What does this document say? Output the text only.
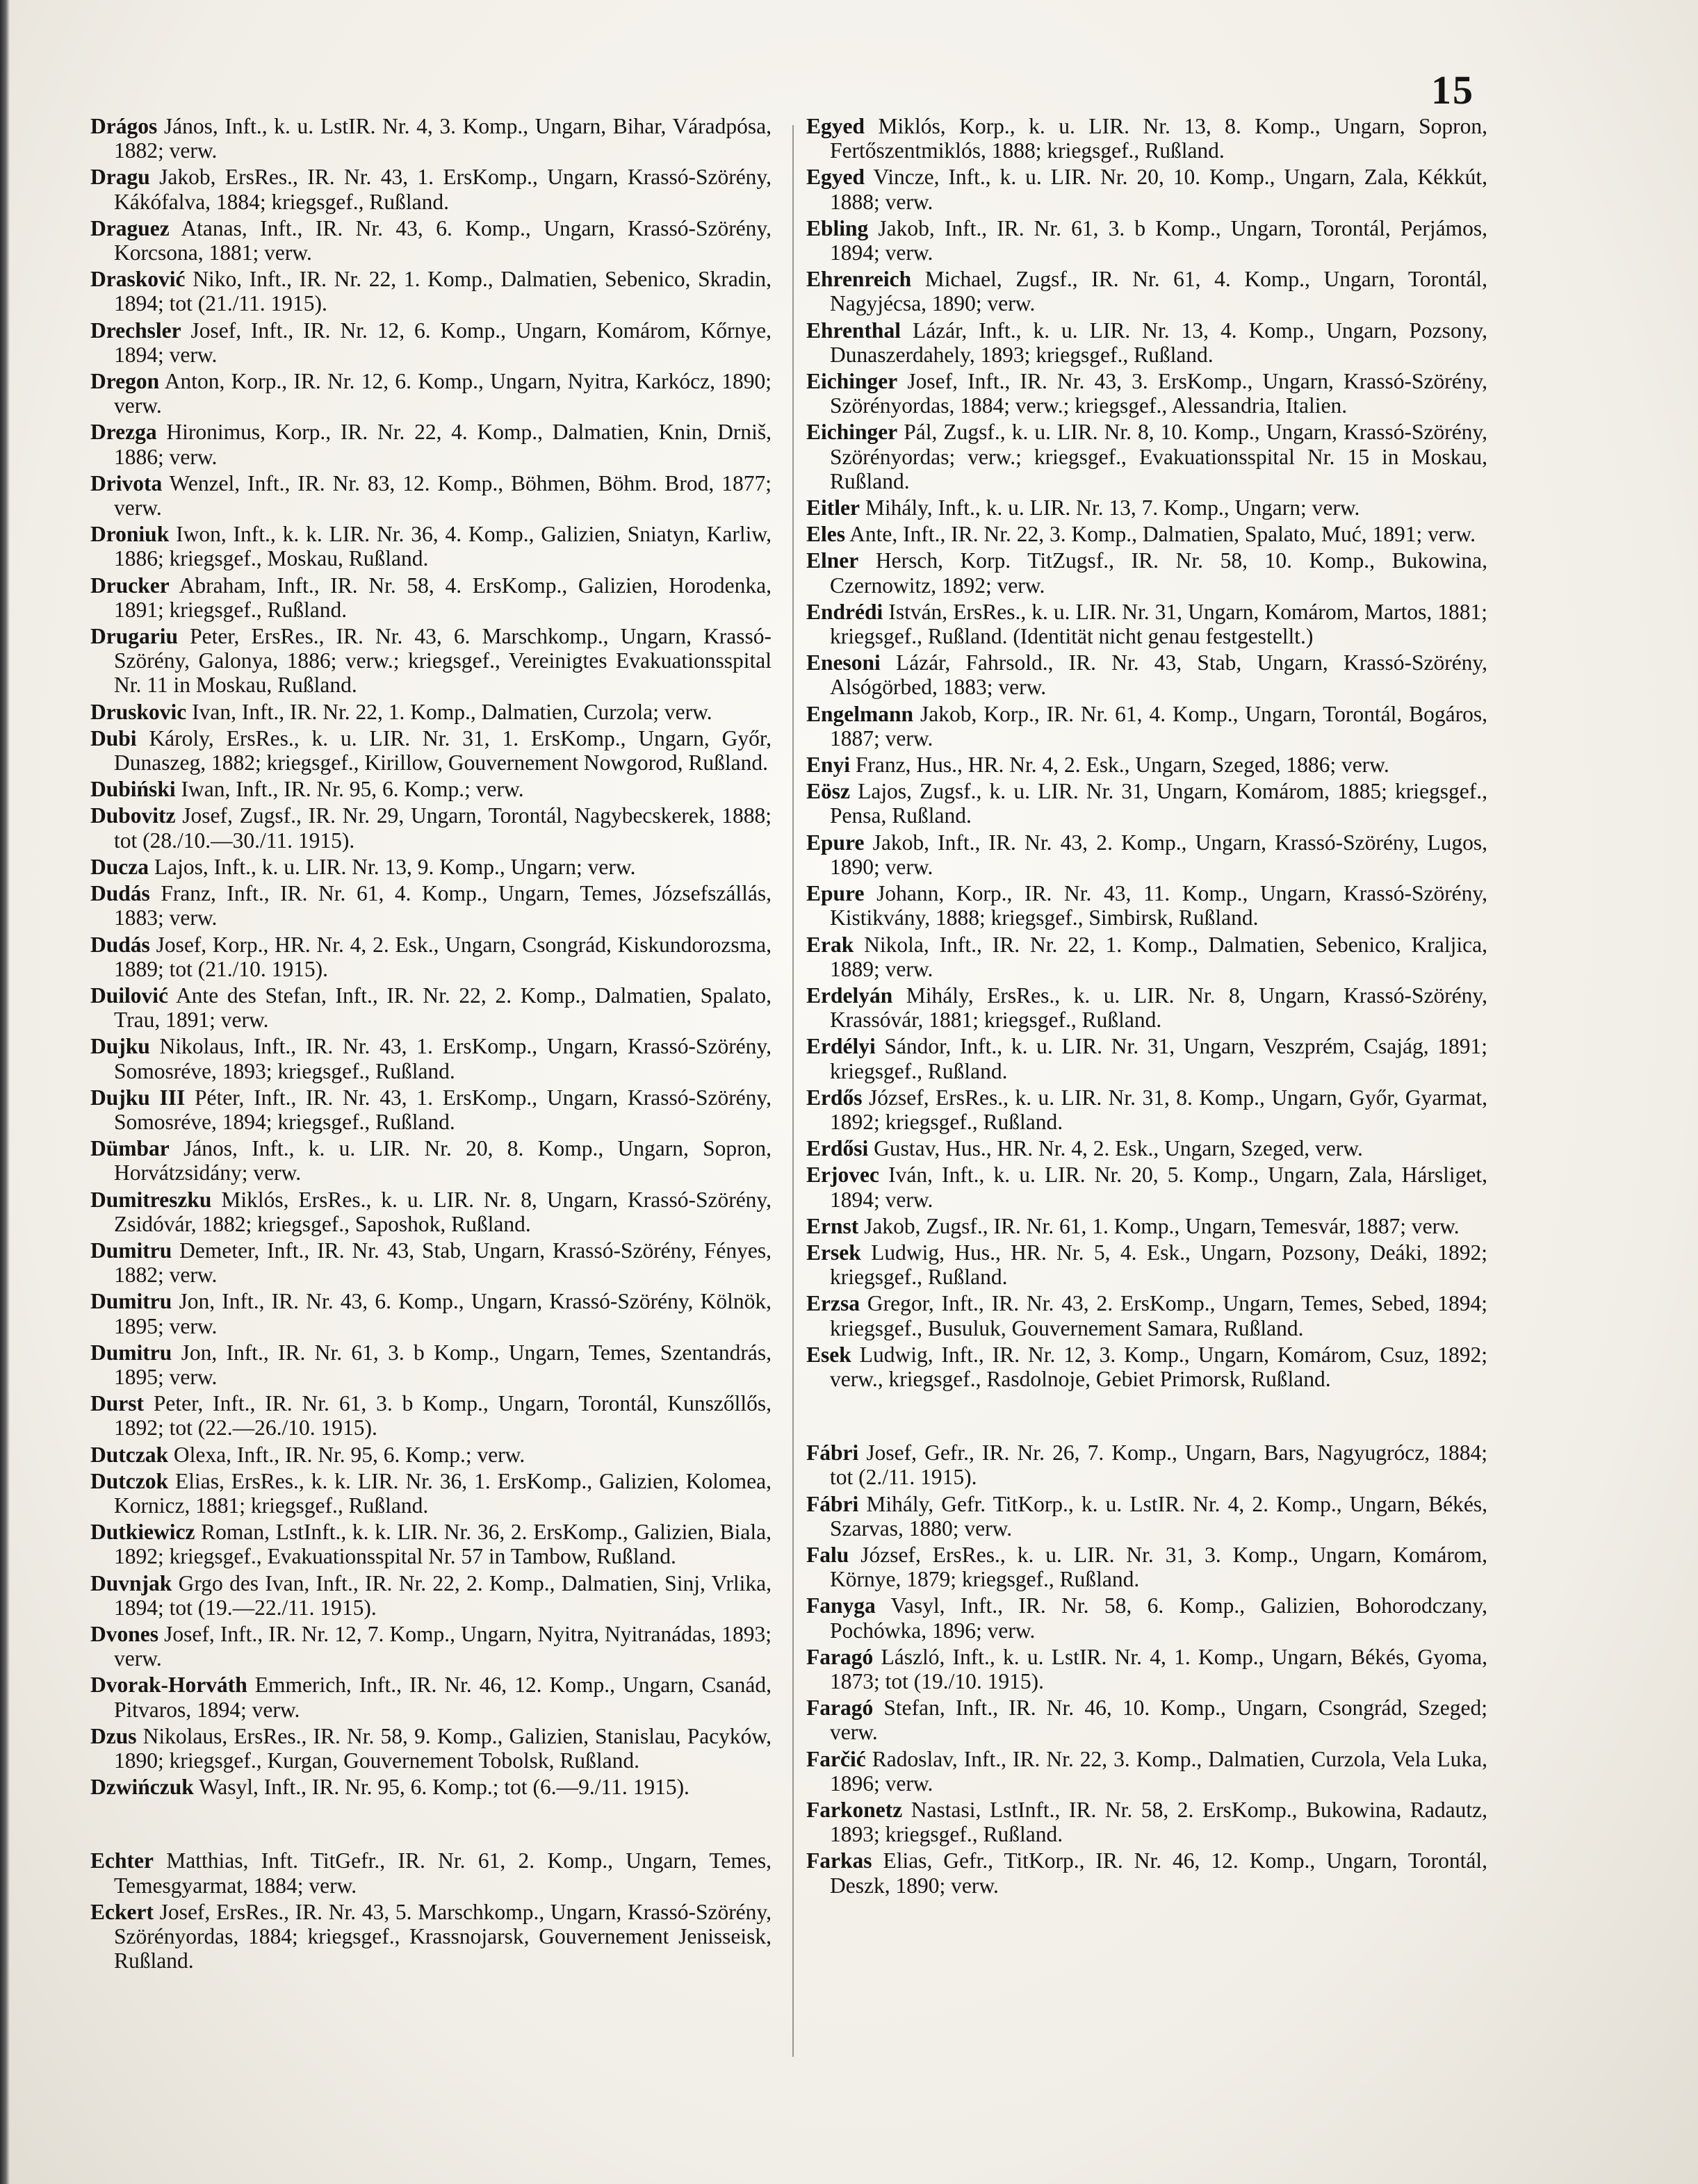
15

Drágos János, Inft., k. u. LstIR. Nr. 4, 3. Komp., Ungarn, Bihar, Váradpósa, 1882; verw.

Dragu Jakob, ErsRes., IR. Nr. 43, 1. ErsKomp., Ungarn, Krassó-Szörény, Kákófalva, 1884; kriegsgef., Rußland.

Draguez Atanas, Inft., IR. Nr. 43, 6. Komp., Ungarn, Krassó-Szörény, Korcsona, 1881; verw.

Drasković Niko, Inft., IR. Nr. 22, 1. Komp., Dalmatien, Sebenico, Skradin, 1894; tot (21./11. 1915).

Drechsler Josef, Inft., IR. Nr. 12, 6. Komp., Ungarn, Komárom, Kőrnye, 1894; verw.

Dregon Anton, Korp., IR. Nr. 12, 6. Komp., Ungarn, Nyitra, Karkócz, 1890; verw.

Drezga Hironimus, Korp., IR. Nr. 22, 4. Komp., Dalmatien, Knin, Drniš, 1886; verw.

Drivota Wenzel, Inft., IR. Nr. 83, 12. Komp., Böhmen, Böhm. Brod, 1877; verw.

Droniuk Iwon, Inft., k. k. LIR. Nr. 36, 4. Komp., Galizien, Sniatyn, Karliw, 1886; kriegsgef., Moskau, Rußland.

Drucker Abraham, Inft., IR. Nr. 58, 4. ErsKomp., Galizien, Horodenka, 1891; kriegsgef., Rußland.

Drugariu Peter, ErsRes., IR. Nr. 43, 6. Marschkomp., Ungarn, Krassó-Szörény, Galonya, 1886; verw.; kriegsgef., Vereinigtes Evakuationsspital Nr. 11 in Moskau, Rußland.

Druskovic Ivan, Inft., IR. Nr. 22, 1. Komp., Dalmatien, Curzola; verw.

Dubi Károly, ErsRes., k. u. LIR. Nr. 31, 1. ErsKomp., Ungarn, Győr, Dunaszeg, 1882; kriegsgef., Kirillow, Gouvernement Nowgorod, Rußland.

Dubiński Iwan, Inft., IR. Nr. 95, 6. Komp.; verw.

Dubovitz Josef, Zugsf., IR. Nr. 29, Ungarn, Torontál, Nagybecskerek, 1888; tot (28./10.—30./11. 1915).

Ducza Lajos, Inft., k. u. LIR. Nr. 13, 9. Komp., Ungarn; verw.

Dudás Franz, Inft., IR. Nr. 61, 4. Komp., Ungarn, Temes, Józsefszállás, 1883; verw.

Dudás Josef, Korp., HR. Nr. 4, 2. Esk., Ungarn, Csongrád, Kiskundorozsma, 1889; tot (21./10. 1915).

Duilović Ante des Stefan, Inft., IR. Nr. 22, 2. Komp., Dalmatien, Spalato, Trau, 1891; verw.

Dujku Nikolaus, Inft., IR. Nr. 43, 1. ErsKomp., Ungarn, Krassó-Szörény, Somosréve, 1893; kriegsgef., Rußland.

Dujku III Péter, Inft., IR. Nr. 43, 1. ErsKomp., Ungarn, Krassó-Szörény, Somosréve, 1894; kriegsgef., Rußland.

Dümbar János, Inft., k. u. LIR. Nr. 20, 8. Komp., Ungarn, Sopron, Horvátzsidány; verw.

Dumitreszku Miklós, ErsRes., k. u. LIR. Nr. 8, Ungarn, Krassó-Szörény, Zsidóvár, 1882; kriegsgef., Saposhok, Rußland.

Dumitru Demeter, Inft., IR. Nr. 43, Stab, Ungarn, Krassó-Szörény, Fényes, 1882; verw.

Dumitru Jon, Inft., IR. Nr. 43, 6. Komp., Ungarn, Krassó-Szörény, Kölnök, 1895; verw.

Dumitru Jon, Inft., IR. Nr. 61, 3. b Komp., Ungarn, Temes, Szentandrás, 1895; verw.

Durst Peter, Inft., IR. Nr. 61, 3. b Komp., Ungarn, Torontál, Kunszőllős, 1892; tot (22.—26./10. 1915).

Dutczak Olexa, Inft., IR. Nr. 95, 6. Komp.; verw.

Dutczok Elias, ErsRes., k. k. LIR. Nr. 36, 1. ErsKomp., Galizien, Kolomea, Kornicz, 1881; kriegsgef., Rußland.

Dutkiewicz Roman, LstInft., k. k. LIR. Nr. 36, 2. ErsKomp., Galizien, Biala, 1892; kriegsgef., Evakuationsspital Nr. 57 in Tambow, Rußland.

Duvnjak Grgo des Ivan, Inft., IR. Nr. 22, 2. Komp., Dalmatien, Sinj, Vrlika, 1894; tot (19.—22./11. 1915).

Dvones Josef, Inft., IR. Nr. 12, 7. Komp., Ungarn, Nyitra, Nyitranádas, 1893; verw.

Dvorak-Horváth Emmerich, Inft., IR. Nr. 46, 12. Komp., Ungarn, Csanád, Pitvaros, 1894; verw.

Dzus Nikolaus, ErsRes., IR. Nr. 58, 9. Komp., Galizien, Stanislau, Pacyków, 1890; kriegsgef., Kurgan, Gouvernement Tobolsk, Rußland.

Dzwińczuk Wasyl, Inft., IR. Nr. 95, 6. Komp.; tot (6.—9./11. 1915).

Echter Matthias, Inft. TitGefr., IR. Nr. 61, 2. Komp., Ungarn, Temes, Temesgyarmat, 1884; verw.

Eckert Josef, ErsRes., IR. Nr. 43, 5. Marschkomp., Ungarn, Krassó-Szörény, Szörényordas, 1884; kriegsgef., Krassnojarsk, Gouvernement Jenisseisk, Rußland.

Egyed Miklós, Korp., k. u. LIR. Nr. 13, 8. Komp., Ungarn, Sopron, Fertőszentmiklós, 1888; kriegsgef., Rußland.

Egyed Vincze, Inft., k. u. LIR. Nr. 20, 10. Komp., Ungarn, Zala, Kékkút, 1888; verw.

Ebling Jakob, Inft., IR. Nr. 61, 3. b Komp., Ungarn, Torontál, Perjámos, 1894; verw.

Ehrenreich Michael, Zugsf., IR. Nr. 61, 4. Komp., Ungarn, Torontál, Nagyjécsa, 1890; verw.

Ehrenthal Lázár, Inft., k. u. LIR. Nr. 13, 4. Komp., Ungarn, Pozsony, Dunaszerdahely, 1893; kriegsgef., Rußland.

Eichinger Josef, Inft., IR. Nr. 43, 3. ErsKomp., Ungarn, Krassó-Szörény, Szörényordas, 1884; verw.; kriegsgef., Alessandria, Italien.

Eichinger Pál, Zugsf., k. u. LIR. Nr. 8, 10. Komp., Ungarn, Krassó-Szörény, Szörényordas; verw.; kriegsgef., Evakuationsspital Nr. 15 in Moskau, Rußland.

Eitler Mihály, Inft., k. u. LIR. Nr. 13, 7. Komp., Ungarn; verw.

Eles Ante, Inft., IR. Nr. 22, 3. Komp., Dalmatien, Spalato, Muć, 1891; verw.

Elner Hersch, Korp. TitZugsf., IR. Nr. 58, 10. Komp., Bukowina, Czernowitz, 1892; verw.

Endrédi István, ErsRes., k. u. LIR. Nr. 31, Ungarn, Komárom, Martos, 1881; kriegsgef., Rußland. (Identität nicht genau festgestellt.)

Enesoni Lázár, Fahrsold., IR. Nr. 43, Stab, Ungarn, Krassó-Szörény, Alsógörbed, 1883; verw.

Engelmann Jakob, Korp., IR. Nr. 61, 4. Komp., Ungarn, Torontál, Bogáros, 1887; verw.

Enyi Franz, Hus., HR. Nr. 4, 2. Esk., Ungarn, Szeged, 1886; verw.

Eösz Lajos, Zugsf., k. u. LIR. Nr. 31, Ungarn, Komárom, 1885; kriegsgef., Pensa, Rußland.

Epure Jakob, Inft., IR. Nr. 43, 2. Komp., Ungarn, Krassó-Szörény, Lugos, 1890; verw.

Epure Johann, Korp., IR. Nr. 43, 11. Komp., Ungarn, Krassó-Szörény, Kistikvány, 1888; kriegsgef., Simbirsk, Rußland.

Erak Nikola, Inft., IR. Nr. 22, 1. Komp., Dalmatien, Sebenico, Kraljica, 1889; verw.

Erdelyán Mihály, ErsRes., k. u. LIR. Nr. 8, Ungarn, Krassó-Szörény, Krassóvár, 1881; kriegsgef., Rußland.

Erdélyi Sándor, Inft., k. u. LIR. Nr. 31, Ungarn, Veszprém, Csajág, 1891; kriegsgef., Rußland.

Erdős József, ErsRes., k. u. LIR. Nr. 31, 8. Komp., Ungarn, Győr, Gyarmat, 1892; kriegsgef., Rußland.

Erdősi Gustav, Hus., HR. Nr. 4, 2. Esk., Ungarn, Szeged, verw.

Erjovec Iván, Inft., k. u. LIR. Nr. 20, 5. Komp., Ungarn, Zala, Hársliget, 1894; verw.

Ernst Jakob, Zugsf., IR. Nr. 61, 1. Komp., Ungarn, Temesvár, 1887; verw.

Ersek Ludwig, Hus., HR. Nr. 5, 4. Esk., Ungarn, Pozsony, Deáki, 1892; kriegsgef., Rußland.

Erzsa Gregor, Inft., IR. Nr. 43, 2. ErsKomp., Ungarn, Temes, Sebed, 1894; kriegsgef., Busuluk, Gouvernement Samara, Rußland.

Esek Ludwig, Inft., IR. Nr. 12, 3. Komp., Ungarn, Komárom, Csuz, 1892; verw., kriegsgef., Rasdolnoje, Gebiet Primorsk, Rußland.

Fábri Josef, Gefr., IR. Nr. 26, 7. Komp., Ungarn, Bars, Nagyugrócz, 1884; tot (2./11. 1915).

Fábri Mihály, Gefr. TitKorp., k. u. LstIR. Nr. 4, 2. Komp., Ungarn, Békés, Szarvas, 1880; verw.

Falu József, ErsRes., k. u. LIR. Nr. 31, 3. Komp., Ungarn, Komárom, Környe, 1879; kriegsgef., Rußland.

Fanyga Vasyl, Inft., IR. Nr. 58, 6. Komp., Galizien, Bohorodczany, Pochówka, 1896; verw.

Faragó László, Inft., k. u. LstIR. Nr. 4, 1. Komp., Ungarn, Békés, Gyoma, 1873; tot (19./10. 1915).

Faragó Stefan, Inft., IR. Nr. 46, 10. Komp., Ungarn, Csongrád, Szeged; verw.

Farčić Radoslav, Inft., IR. Nr. 22, 3. Komp., Dalmatien, Curzola, Vela Luka, 1896; verw.

Farkonetz Nastasi, LstInft., IR. Nr. 58, 2. ErsKomp., Bukowina, Radautz, 1893; kriegsgef., Rußland.

Farkas Elias, Gefr., TitKorp., IR. Nr. 46, 12. Komp., Ungarn, Torontál, Deszk, 1890; verw.
